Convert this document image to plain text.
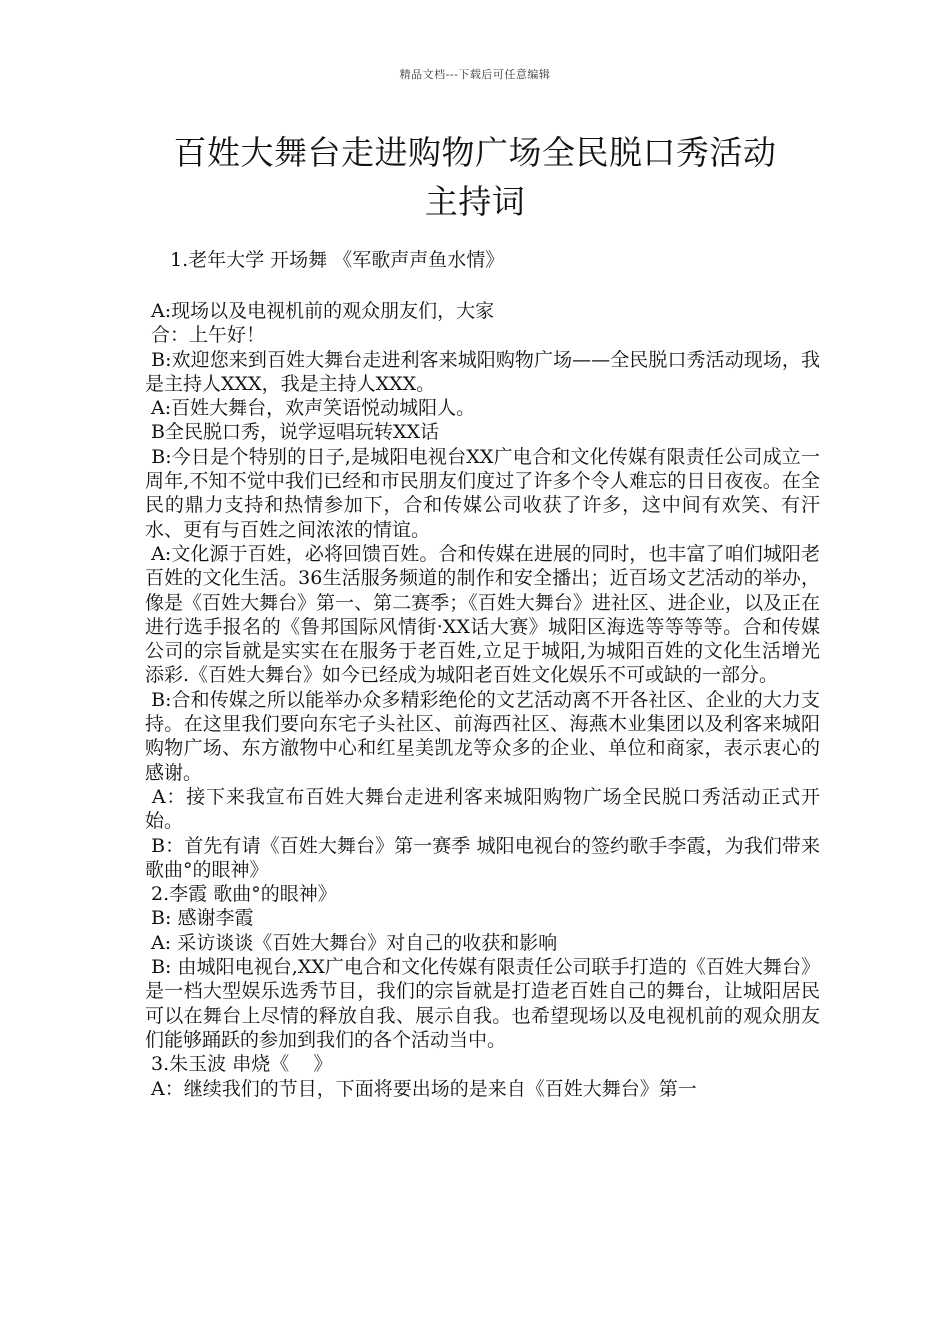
精品文档---下载后可任意编辑
百姓大舞台走进购物广场全民脱口秀活动
主持词
1.老年大学 开场舞 《军歌声声鱼水情》

A:现场以及电视机前的观众朋友们，大家

合：上午好！

B:欢迎您来到百姓大舞台走进利客来城阳购物广场——全民脱口秀活动现场，我是主持人XXX，我是主持人XXX。

A:百姓大舞台，欢声笑语悦动城阳人。

B全民脱口秀，说学逗唱玩转XX话

B:今日是个特别的日子,是城阳电视台XX广电合和文化传媒有限责任公司成立一周年,不知不觉中我们已经和市民朋友们度过了许多个令人难忘的日日夜夜。在全民的鼎力支持和热情参加下，合和传媒公司收获了许多，这中间有欢笑、有汗水、更有与百姓之间浓浓的情谊。

A:文化源于百姓，必将回馈百姓。合和传媒在进展的同时，也丰富了咱们城阳老百姓的文化生活。36生活服务频道的制作和安全播出；近百场文艺活动的举办，像是《百姓大舞台》第一、第二赛季；《百姓大舞台》进社区、进企业，以及正在进行选手报名的《鲁邦国际风情街·XX话大赛》城阳区海选等等等等。合和传媒公司的宗旨就是实实在在服务于老百姓,立足于城阳,为城阳百姓的文化生活增光添彩.《百姓大舞台》如今已经成为城阳老百姓文化娱乐不可或缺的一部分。

B:合和传媒之所以能举办众多精彩绝伦的文艺活动离不开各社区、企业的大力支持。在这里我们要向东宅子头社区、前海西社区、海燕木业集团以及利客来城阳购物广场、东方澈物中心和红星美凯龙等众多的企业、单位和商家，表示衷心的感谢。

A：接下来我宣布百姓大舞台走进利客来城阳购物广场全民脱口秀活动正式开始。

B：首先有请《百姓大舞台》第一赛季 城阳电视台的签约歌手李霞，为我们带来歌曲°的眼神》

2.李霞 歌曲°的眼神》

B: 感谢李霞

A: 采访谈谈《百姓大舞台》对自己的收获和影响

B: 由城阳电视台,XX广电合和文化传媒有限责任公司联手打造的《百姓大舞台》是一档大型娱乐选秀节目，我们的宗旨就是打造老百姓自己的舞台，让城阳居民可以在舞台上尽情的释放自我、展示自我。也希望现场以及电视机前的观众朋友们能够踊跃的参加到我们的各个活动当中。

3.朱玉波 串烧《    》

A：继续我们的节目，下面将要出场的是来自《百姓大舞台》第一
